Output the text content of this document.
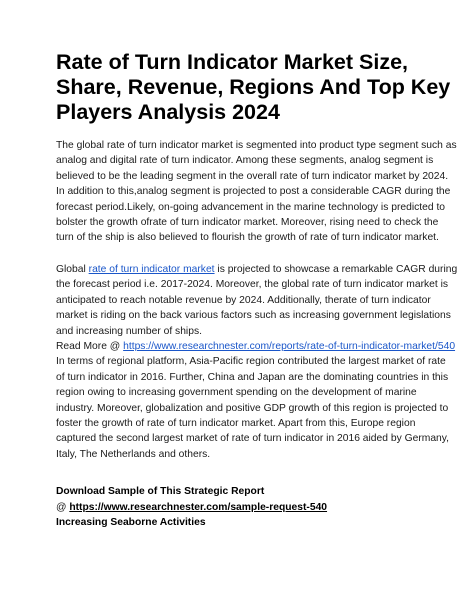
Rate of Turn Indicator Market Size,
Share, Revenue, Regions And Top Key
Players Analysis 2024

The global rate of turn indicator market is segmented into product type segment such as
analog and digital rate of turn indicator. Among these segments, analog segment is
believed to be the leading segment in the overall rate of turn indicator market by 2024.
In addition to this,analog segment is projected to post a considerable CAGR during the
forecast period.Likely, on-going advancement in the marine technology is predicted to
bolster the growth ofrate of turn indicator market. Moreover, rising need to check the
turn of the ship is also believed to flourish the growth of rate of turn indicator market.

Global rate of turn indicator market is projected to showcase a remarkable CAGR during
the forecast period i.e. 2017-2024. Moreover, the global rate of turn indicator market is
anticipated to reach notable revenue by 2024. Additionally, therate of turn indicator
market is riding on the back various factors such as increasing government legislations
and increasing number of ships.
Read More @ https://www.researchnester.com/reports/rate-of-turn-indicator-market/540
In terms of regional platform, Asia-Pacific region contributed the largest market of rate
of turn indicator in 2016. Further, China and Japan are the dominating countries in this
region owing to increasing government spending on the development of marine
industry. Moreover, globalization and positive GDP growth of this region is projected to
foster the growth of rate of turn indicator market. Apart from this, Europe region
captured the second largest market of rate of turn indicator in 2016 aided by Germany,
Italy, The Netherlands and others.

Download Sample of This Strategic Report
@ https://www.researchnester.com/sample-request-540
Increasing Seaborne Activities
